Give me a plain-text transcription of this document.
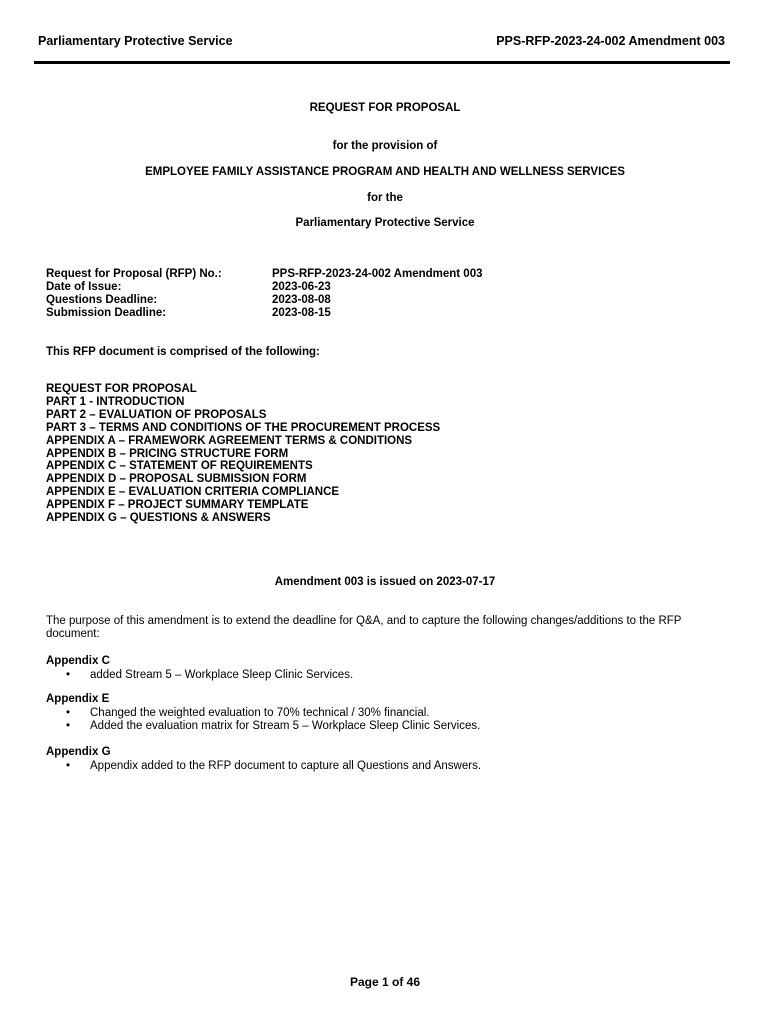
Parliamentary Protective Service	PPS-RFP-2023-24-002 Amendment 003
REQUEST FOR PROPOSAL
for the provision of
EMPLOYEE FAMILY ASSISTANCE PROGRAM AND HEALTH AND WELLNESS SERVICES
for the
Parliamentary Protective Service
Request for Proposal (RFP) No.:	PPS-RFP-2023-24-002 Amendment 003
Date of Issue:	2023-06-23
Questions Deadline:	2023-08-08
Submission Deadline:	2023-08-15
This RFP document is comprised of the following:
REQUEST FOR PROPOSAL
PART 1 - INTRODUCTION
PART 2 – EVALUATION OF PROPOSALS
PART 3 – TERMS AND CONDITIONS OF THE PROCUREMENT PROCESS
APPENDIX A – FRAMEWORK AGREEMENT TERMS & CONDITIONS
APPENDIX B – PRICING STRUCTURE FORM
APPENDIX C – STATEMENT OF REQUIREMENTS
APPENDIX D – PROPOSAL SUBMISSION FORM
APPENDIX E – EVALUATION CRITERIA COMPLIANCE
APPENDIX F – PROJECT SUMMARY TEMPLATE
APPENDIX G – QUESTIONS & ANSWERS
Amendment 003 is issued on 2023-07-17
The purpose of this amendment is to extend the deadline for Q&A, and to capture the following changes/additions to the RFP document:
Appendix C
•	added Stream 5 – Workplace Sleep Clinic Services.
Appendix E
•	Changed the weighted evaluation to 70% technical / 30% financial.
•	Added the evaluation matrix for Stream 5 – Workplace Sleep Clinic Services.
Appendix G
•	Appendix added to the RFP document to capture all Questions and Answers.
Page 1 of 46
